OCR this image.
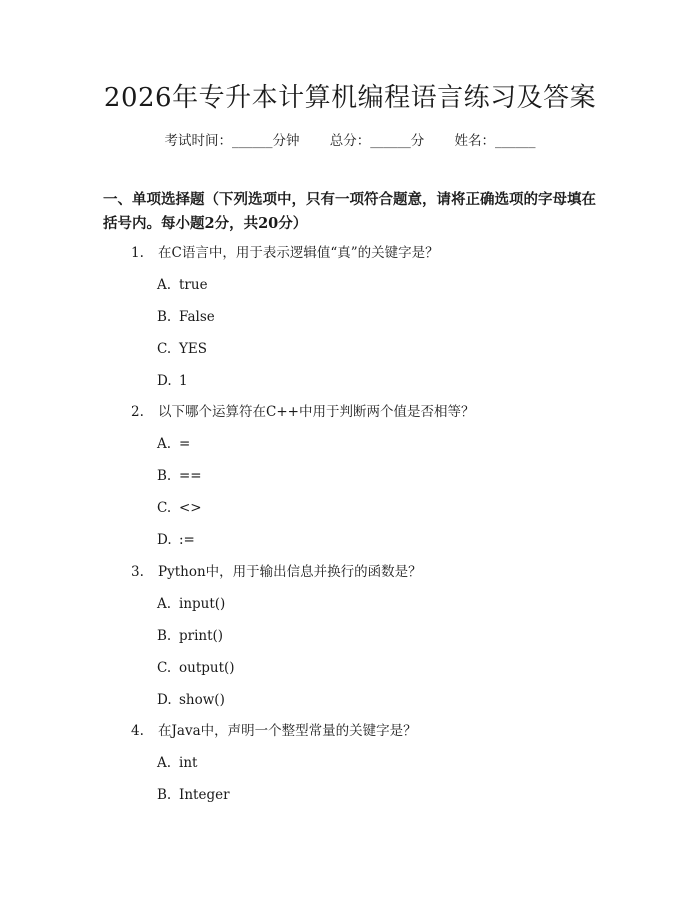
2026年专升本计算机编程语言练习及答案
考试时间：______分钟 总分：______分 姓名：______
一、单项选择题（下列选项中，只有一项符合题意，请将正确选项的字母填在括号内。每小题2分，共20分）
1. 在C语言中，用于表示逻辑值“真”的关键字是？
A. true
B. False
C. YES
D. 1
2. 以下哪个运算符在C++中用于判断两个值是否相等？
A. =
B. ==
C. <>
D. :=
3. Python中，用于输出信息并换行的函数是？
A. input()
B. print()
C. output()
D. show()
4. 在Java中，声明一个整型常量的关键字是？
A. int
B. Integer
